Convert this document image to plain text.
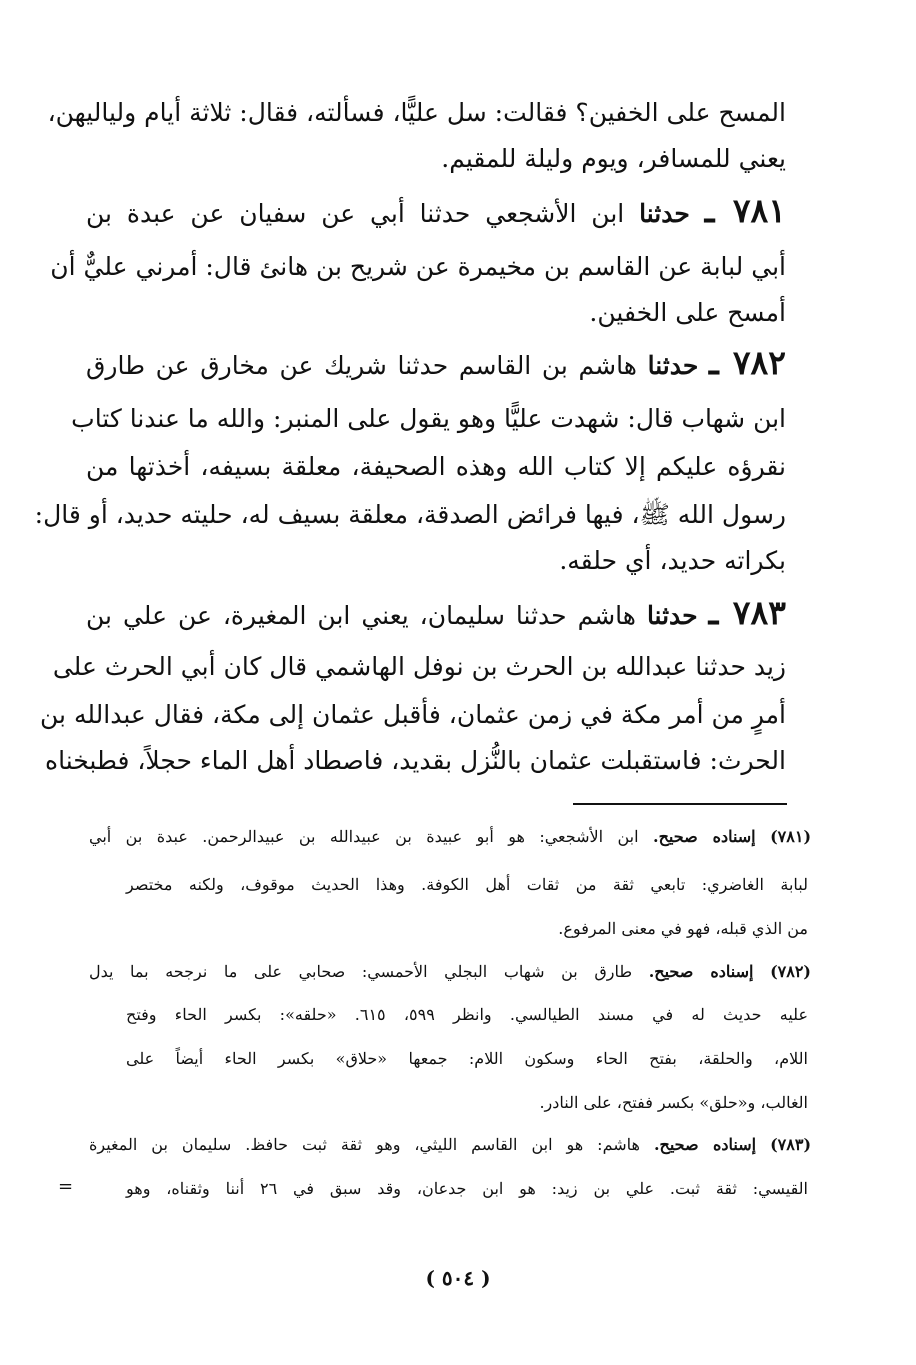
المسح على الخفين؟ فقالت: سل عليًّا، فسألته، فقال: ثلاثة أيام ولياليهن،
يعني للمسافر، ويوم وليلة للمقيم.
٧٨١ ـ حدثنا ابن الأشجعي حدثنا أبي عن سفيان عن عبدة بن
أبي لبابة عن القاسم بن مخيمرة عن شريح بن هانئ قال: أمرني عليٌّ أن
أمسح على الخفين.
٧٨٢ ـ حدثنا هاشم بن القاسم حدثنا شريك عن مخارق عن طارق
ابن شهاب قال: شهدت عليًّا وهو يقول على المنبر: والله ما عندنا كتاب
نقرؤه عليكم إلا كتاب الله وهذه الصحيفة، معلقة بسيفه، أخذتها من
رسول الله ﷺ، فيها فرائض الصدقة، معلقة بسيف له، حليته حديد، أو قال:
بكراته حديد، أي حلقه.
٧٨٣ ـ حدثنا هاشم حدثنا سليمان، يعني ابن المغيرة، عن علي بن
زيد حدثنا عبدالله بن الحرث بن نوفل الهاشمي قال كان أبي الحرث على
أمرٍ من أمر مكة في زمن عثمان، فأقبل عثمان إلى مكة، فقال عبدالله بن
الحرث: فاستقبلت عثمان بالنُّزل بقديد، فاصطاد أهل الماء حجلاً، فطبخناه
(٧٨١) إسناده صحيح. ابن الأشجعي: هو أبو عبيدة بن عبيدالله بن عبيدالرحمن. عبدة بن أبي
لبابة الغاضري: تابعي ثقة من ثقات أهل الكوفة. وهذا الحديث موقوف، ولكنه مختصر
من الذي قبله، فهو في معنى المرفوع.
(٧٨٢) إسناده صحيح. طارق بن شهاب البجلي الأحمسي: صحابي على ما نرجحه بما يدل
عليه حديث له في مسند الطيالسي. وانظر ٥٩٩، ٦١٥. «حلقه»: بكسر الحاء وفتح
اللام، والحلقة، بفتح الحاء وسكون اللام: جمعها «حلاق» بكسر الحاء أيضاً على
الغالب، و«حلق» بكسر ففتح، على النادر.
(٧٨٣) إسناده صحيح. هاشم: هو ابن القاسم الليثي، وهو ثقة ثبت حافظ. سليمان بن المغيرة
القيسي: ثقة ثبت. علي بن زيد: هو ابن جدعان، وقد سبق في ٢٦ أننا وثقناه، وهو
=
( ٥٠٤ )
